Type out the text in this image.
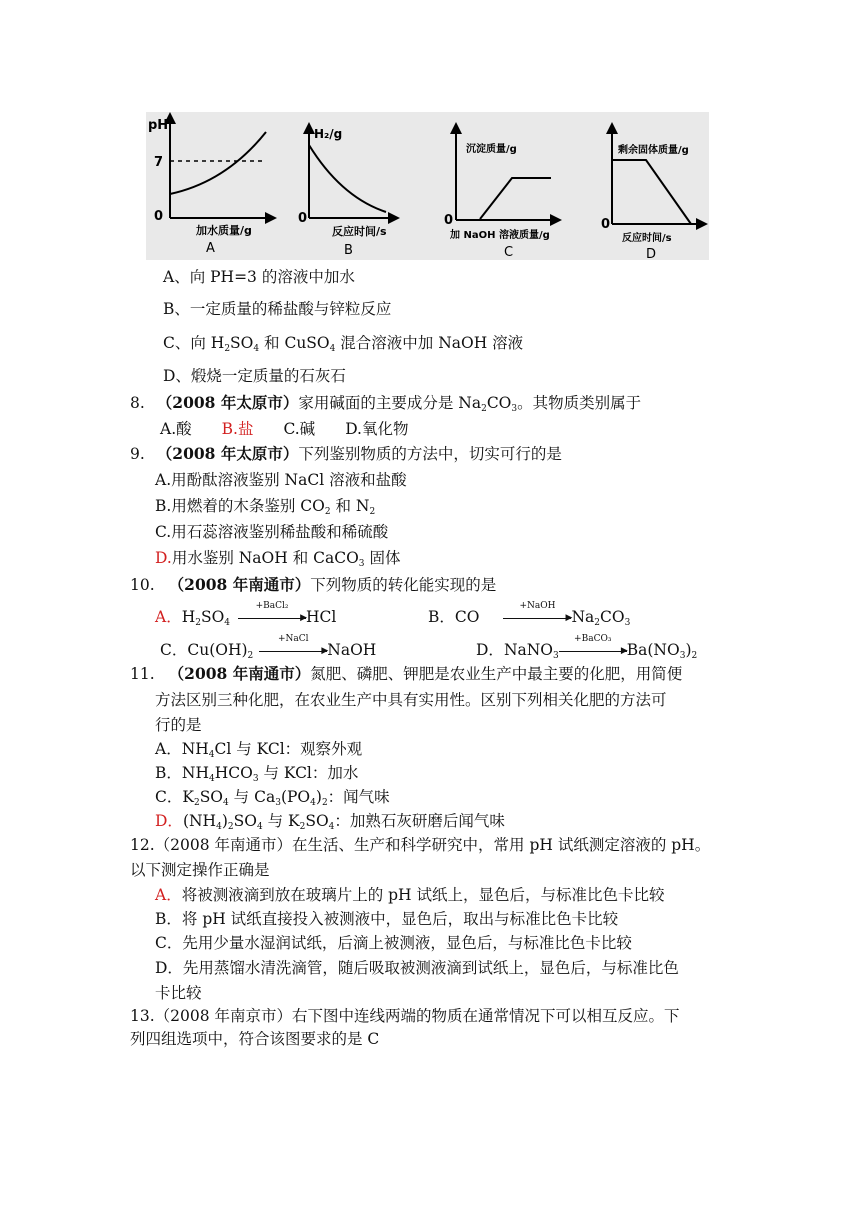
pH
7
0
加水质量/g
A
H₂/g
0
反应时间/s
B
沉淀质量/g
0
加 NaOH 溶液质量/g
C
剩余固体质量/g
0
反应时间/s
D
A、向 PH=3 的溶液中加水
B、一定质量的稀盐酸与锌粒反应
C、向 $H_2SO_4$ 和 CuSO$_4$ 混合溶液中加 NaOH 溶液
D、煅烧一定质量的石灰石
8. （2008 年太原市）家用碱面的主要成分是 $Na_2CO_3$。其物质类别属于
A.酸 B.盐 C.碱 D.氧化物
9. （2008 年太原市）下列鉴别物质的方法中，切实可行的是
A.用酚酞溶液鉴别 NaCl 溶液和盐酸
B.用燃着的木条鉴别 $CO_2$ 和 $N_2$
C.用石蕊溶液鉴别稀盐酸和稀硫酸
D.用水鉴别 NaOH 和 CaCO$_3$ 固体
10. （2008 年南通市）下列物质的转化能实现的是
A．$H_2SO_4$
+BaCl₂
▶ HCl	B．CO
+NaOH
▶ $Na_2CO_3$
C．$Cu(OH)_2$
+NaCl
▶ NaOH	D．NaNO$_3$
+BaCO₃
▶ $Ba(NO_3)_2$
11. （2008 年南通市）氮肥、磷肥、钾肥是农业生产中最主要的化肥，用简便
方法区别三种化肥，在农业生产中具有实用性。区别下列相关化肥的方法可
行的是
A．$NH_4Cl$ 与 KCl：观察外观
B．$NH_4HCO_3$ 与 KCl：加水
C．$K_2SO_4$ 与 $Ca_3(PO_4)_2$：闻气味
D．$(NH_4)_2SO_4$ 与 $K_2SO_4$：加熟石灰研磨后闻气味
12.（2008 年南通市）在生活、生产和科学研究中，常用 pH 试纸测定溶液的 pH。
以下测定操作正确是
A．将被测液滴到放在玻璃片上的 pH 试纸上，显色后，与标准比色卡比较
B．将 pH 试纸直接投入被测液中，显色后，取出与标准比色卡比较
C．先用少量水湿润试纸，后滴上被测液，显色后，与标准比色卡比较
D．先用蒸馏水清洗滴管，随后吸取被测液滴到试纸上，显色后，与标准比色
卡比较
13.（2008 年南京市）右下图中连线两端的物质在通常情况下可以相互反应。下
列四组选项中，符合该图要求的是 C
